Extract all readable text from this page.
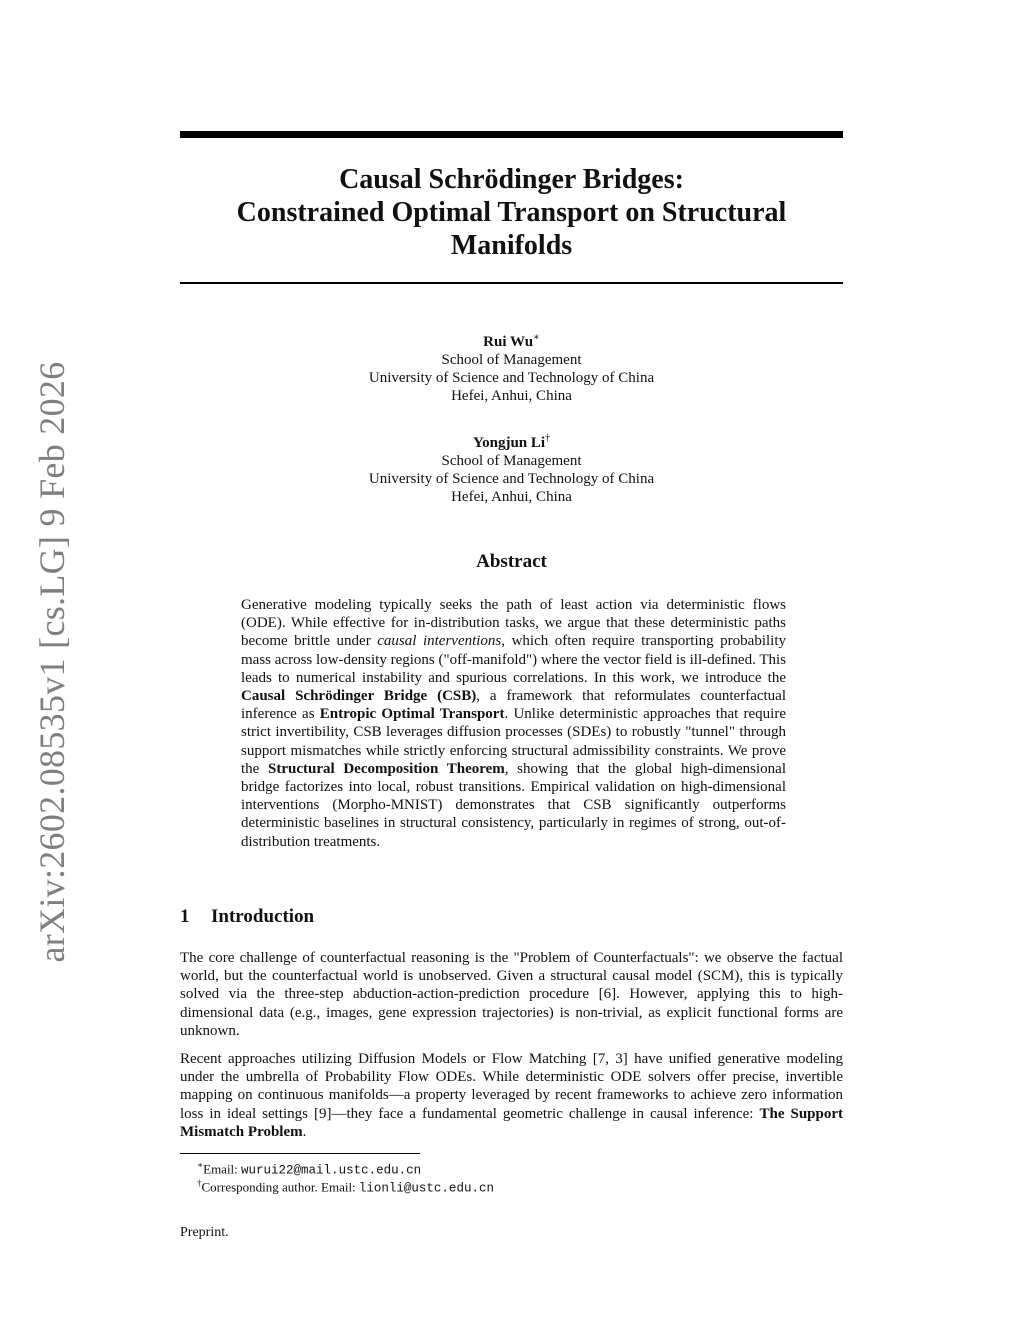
arXiv:2602.08535v1 [cs.LG] 9 Feb 2026
Causal Schrödinger Bridges:
Constrained Optimal Transport on Structural
Manifolds
Rui Wu∗
School of Management
University of Science and Technology of China
Hefei, Anhui, China
Yongjun Li†
School of Management
University of Science and Technology of China
Hefei, Anhui, China
Abstract
Generative modeling typically seeks the path of least action via deterministic flows (ODE). While effective for in-distribution tasks, we argue that these deterministic paths become brittle under causal interventions, which often require transporting probability mass across low-density regions ("off-manifold") where the vector field is ill-defined. This leads to numerical instability and spurious correlations. In this work, we introduce the Causal Schrödinger Bridge (CSB), a framework that reformulates counterfactual inference as Entropic Optimal Transport. Unlike deterministic approaches that require strict invertibility, CSB leverages diffusion processes (SDEs) to robustly "tunnel" through support mismatches while strictly enforcing structural admissibility constraints. We prove the Structural Decomposition Theorem, showing that the global high-dimensional bridge factorizes into local, robust transitions. Empirical validation on high-dimensional interventions (Morpho-MNIST) demonstrates that CSB significantly outperforms deterministic baselines in structural consistency, particularly in regimes of strong, out-of-distribution treatments.
1 Introduction
The core challenge of counterfactual reasoning is the "Problem of Counterfactuals": we observe the factual world, but the counterfactual world is unobserved. Given a structural causal model (SCM), this is typically solved via the three-step abduction-action-prediction procedure [6]. However, applying this to high-dimensional data (e.g., images, gene expression trajectories) is non-trivial, as explicit functional forms are unknown.
Recent approaches utilizing Diffusion Models or Flow Matching [7, 3] have unified generative modeling under the umbrella of Probability Flow ODEs. While deterministic ODE solvers offer precise, invertible mapping on continuous manifolds—a property leveraged by recent frameworks to achieve zero information loss in ideal settings [9]—they face a fundamental geometric challenge in causal inference: The Support Mismatch Problem.
∗Email: wurui22@mail.ustc.edu.cn
†Corresponding author. Email: lionli@ustc.edu.cn
Preprint.
